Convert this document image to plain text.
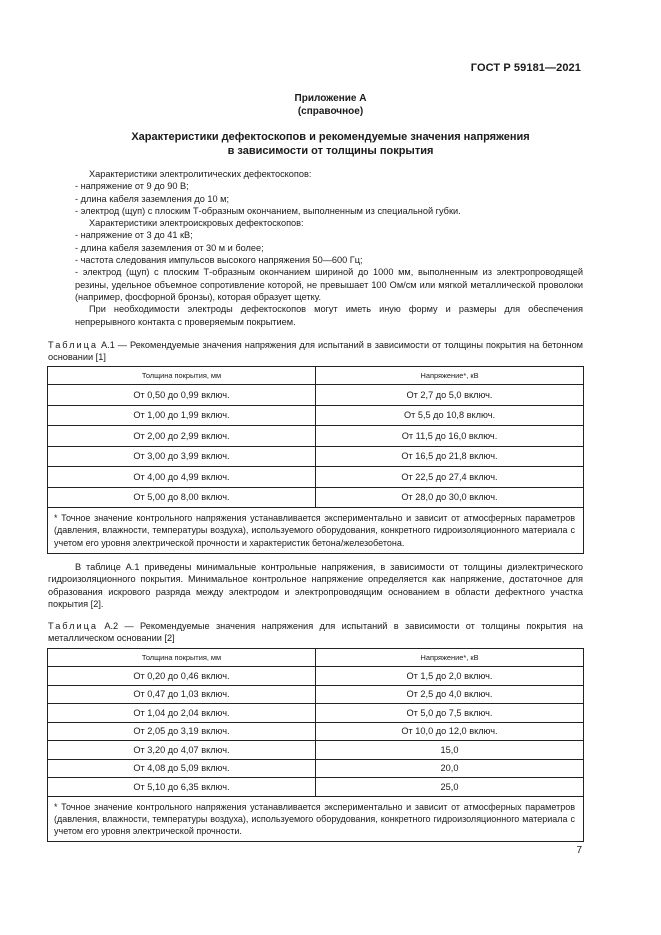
ГОСТ Р 59181—2021
Приложение А
(справочное)
Характеристики дефектоскопов и рекомендуемые значения напряжения
в зависимости от толщины покрытия

Характеристики электролитических дефектоскопов:

- напряжение от 9 до 90 В;

- длина кабеля заземления до 10 м;

- электрод (щуп) с плоским Т-образным окончанием, выполненным из специальной губки.

Характеристики электроискровых дефектоскопов:

- напряжение от 3 до 41 кВ;

- длина кабеля заземления от 30 м и более;

- частота следования импульсов высокого напряжения 50—600 Гц;

- электрод (щуп) с плоским Т-образным окончанием шириной до 1000 мм, выполненным из электропроводящей резины, удельное объемное сопротивление которой, не превышает 100 Ом/см или мягкой металлической проволоки (например, фосфорной бронзы), которая образует щетку.

При необходимости электроды дефектоскопов могут иметь иную форму и размеры для обеспечения непрерывного контакта с проверяемым покрытием.

Таблица А.1 — Рекомендуемые значения напряжения для испытаний в зависимости от толщины покрытия на бетонном основании [1]
Толщина покрытия, мм	Напряжение*, кВ
От 0,50 до 0,99 включ.	От 2,7 до 5,0 включ.
От 1,00 до 1,99 включ.	От 5,5 до 10,8 включ.
От 2,00 до 2,99 включ.	От 11,5 до 16,0 включ.
От 3,00 до 3,99 включ.	От 16,5 до 21,8 включ.
От 4,00 до 4,99 включ.	От 22,5 до 27,4 включ.
От 5,00 до 8,00 включ.	От 28,0 до 30,0 включ.
* Точное значение контрольного напряжения устанавливается экспериментально и зависит от атмосферных параметров (давления, влажности, температуры воздуха), используемого оборудования, конкретного гидроизоляционного материала с учетом его уровня электрической прочности и характеристик бетона/железобетона.	

В таблице А.1 приведены минимальные контрольные напряжения, в зависимости от толщины диэлектрического гидроизоляционного покрытия. Минимальное контрольное напряжение определяется как напряжение, достаточное для образования искрового разряда между электродом и электропроводящим основанием в области дефектного участка покрытия [2].

Таблица А.2 — Рекомендуемые значения напряжения для испытаний в зависимости от толщины покрытия на металлическом основании [2]
Толщина покрытия, мм	Напряжение*, кВ
От 0,20 до 0,46 включ.	От 1,5 до 2,0 включ.
От 0,47 до 1,03 включ.	От 2,5 до 4,0 включ.
От 1,04 до 2,04 включ.	От 5,0 до 7,5 включ.
От 2,05 до 3,19 включ.	От 10,0 до 12,0 включ.
От 3,20 до 4,07 включ.	15,0
От 4,08 до 5,09 включ.	20,0
От 5,10 до 6,35 включ.	25,0
* Точное значение контрольного напряжения устанавливается экспериментально и зависит от атмосферных параметров (давления, влажности, температуры воздуха), используемого оборудования, конкретного гидроизоляционного материала с учетом его уровня электрической прочности.	
7
